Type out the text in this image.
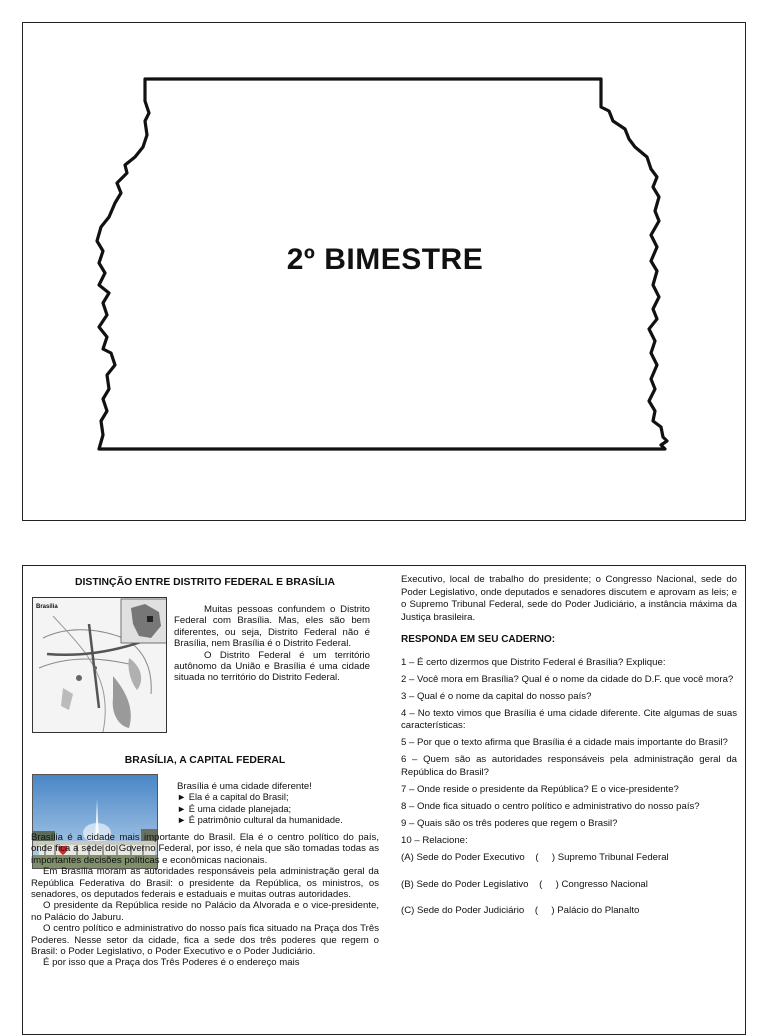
2º BIMESTRE
DISTINÇÃO ENTRE DISTRITO FEDERAL E BRASÍLIA
Brasília	Muitas pessoas confundem o Distrito Federal com Brasília. Mas, eles são bem diferentes, ou seja, Distrito Federal não é Brasília, nem Brasília é o Distrito Federal.

O Distrito Federal é um território autônomo da União e Brasília é uma cidade situada no território do Distrito Federal.

BRASÍLIA, A CAPITAL FEDERAL
Brasília é uma cidade diferente!
► Ela é a capital do Brasil;
► É uma cidade planejada;
► É patrimônio cultural da humanidade.

Brasília é a cidade mais importante do Brasil. Ela é o centro político do país, onde fica a sede do Governo Federal, por isso, é nela que são tomadas todas as importantes decisões políticas e econômicas nacionais.

Em Brasília moram as autoridades responsáveis pela administração geral da República Federativa do Brasil: o presidente da República, os ministros, os senadores, os deputados federais e estaduais e muitas outras autoridades.

O presidente da República reside no Palácio da Alvorada e o vice-presidente, no Palácio do Jaburu.

O centro político e administrativo do nosso país fica situado na Praça dos Três Poderes. Nesse setor da cidade, fica a sede dos três poderes que regem o Brasil: o Poder Legislativo, o Poder Executivo e o Poder Judiciário.

É por isso que a Praça dos Três Poderes é o endereço mais

Executivo, local de trabalho do presidente; o Congresso Nacional, sede do Poder Legislativo, onde deputados e senadores discutem e aprovam as leis; e o Supremo Tribunal Federal, sede do Poder Judiciário, a instância máxima da Justiça brasileira.

RESPONDA EM SEU CADERNO:

1 – É certo dizermos que Distrito Federal é Brasília? Explique:

2 – Você mora em Brasília? Qual é o nome da cidade do D.F. que você mora?

3 – Qual é o nome da capital do nosso país?

4 – No texto vimos que Brasília é uma cidade diferente. Cite algumas de suas características:

5 – Por que o texto afirma que Brasília é a cidade mais importante do Brasil?

6 – Quem são as autoridades responsáveis pela administração geral da República do Brasil?

7 – Onde reside o presidente da República? E o vice-presidente?

8 – Onde fica situado o centro político e administrativo do nosso país?

9 – Quais são os três poderes que regem o Brasil?

10 – Relacione:

(A) Sede do Poder Executivo    (     ) Supremo Tribunal Federal

(B) Sede do Poder Legislativo    (     ) Congresso Nacional

(C) Sede do Poder Judiciário    (     ) Palácio do Planalto
